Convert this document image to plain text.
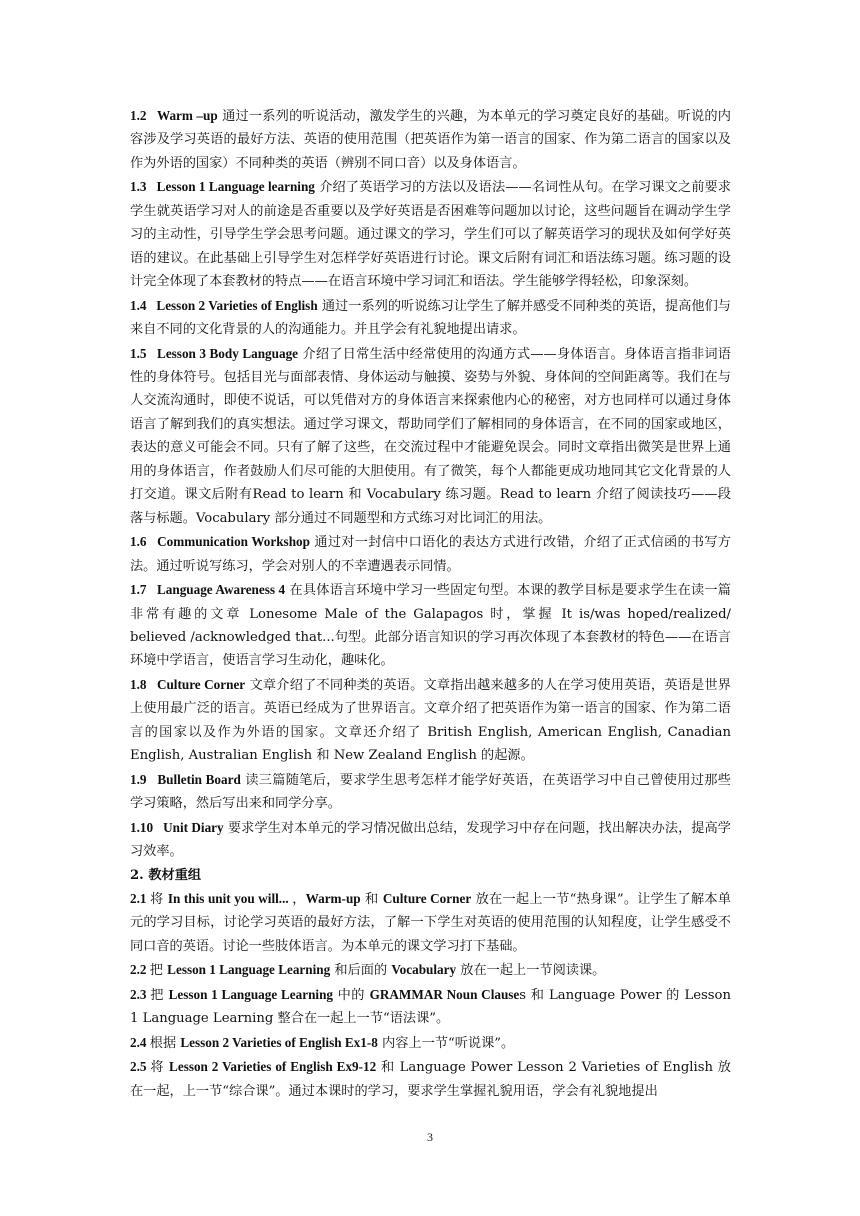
1.2   Warm –up 通过一系列的听说活动，激发学生的兴趣，为本单元的学习奠定良好的基础。听说的内容涉及学习英语的最好方法、英语的使用范围（把英语作为第一语言的国家、作为第二语言的国家以及作为外语的国家）不同种类的英语（辨别不同口音）以及身体语言。

1.3   Lesson 1 Language learning 介绍了英语学习的方法以及语法——名词性从句。在学习课文之前要求学生就英语学习对人的前途是否重要以及学好英语是否困难等问题加以讨论，这些问题旨在调动学生学习的主动性，引导学生学会思考问题。通过课文的学习，学生们可以了解英语学习的现状及如何学好英语的建议。在此基础上引导学生对怎样学好英语进行讨论。课文后附有词汇和语法练习题。练习题的设计完全体现了本套教材的特点——在语言环境中学习词汇和语法。学生能够学得轻松，印象深刻。

1.4   Lesson 2 Varieties of English 通过一系列的听说练习让学生了解并感受不同种类的英语，提高他们与来自不同的文化背景的人的沟通能力。并且学会有礼貌地提出请求。

1.5   Lesson 3 Body Language 介绍了日常生活中经常使用的沟通方式——身体语言。身体语言指非词语性的身体符号。包括目光与面部表情、身体运动与触摸、姿势与外貌、身体间的空间距离等。我们在与人交流沟通时，即使不说话，可以凭借对方的身体语言来探索他内心的秘密，对方也同样可以通过身体语言了解到我们的真实想法。通过学习课文，帮助同学们了解相同的身体语言，在不同的国家或地区，表达的意义可能会不同。只有了解了这些，在交流过程中才能避免误会。同时文章指出微笑是世界上通用的身体语言，作者鼓励人们尽可能的大胆使用。有了微笑，每个人都能更成功地同其它文化背景的人打交道。课文后附有Read to learn 和 Vocabulary 练习题。Read to learn 介绍了阅读技巧——段落与标题。Vocabulary 部分通过不同题型和方式练习对比词汇的用法。

1.6   Communication Workshop 通过对一封信中口语化的表达方式进行改错，介绍了正式信函的书写方法。通过听说写练习，学会对别人的不幸遭遇表示同情。

1.7   Language Awareness 4 在具体语言环境中学习一些固定句型。本课的教学目标是要求学生在读一篇非常有趣的文章 Lonesome Male of the Galapagos 时，掌握 It is/was hoped/realized/ believed /acknowledged that...句型。此部分语言知识的学习再次体现了本套教材的特色——在语言环境中学语言，使语言学习生动化，趣味化。

1.8   Culture Corner 文章介绍了不同种类的英语。文章指出越来越多的人在学习使用英语，英语是世界上使用最广泛的语言。英语已经成为了世界语言。文章介绍了把英语作为第一语言的国家、作为第二语言的国家以及作为外语的国家。文章还介绍了 British English, American English, Canadian English, Australian English 和 New Zealand English 的起源。

1.9   Bulletin Board 读三篇随笔后，要求学生思考怎样才能学好英语，在英语学习中自己曾使用过那些学习策略，然后写出来和同学分享。

1.10   Unit Diary 要求学生对本单元的学习情况做出总结，发现学习中存在问题，找出解决办法，提高学习效率。

2. 教材重组

2.1 将 In this unit you will... ，Warm-up 和 Culture Corner 放在一起上一节“热身课”。让学生了解本单元的学习目标，讨论学习英语的最好方法，了解一下学生对英语的使用范围的认知程度，让学生感受不同口音的英语。讨论一些肢体语言。为本单元的课文学习打下基础。

2.2 把 Lesson 1 Language Learning 和后面的 Vocabulary 放在一起上一节阅读课。

2.3 把 Lesson 1 Language Learning 中的 GRAMMAR Noun Clauses 和 Language Power 的 Lesson 1 Language Learning 整合在一起上一节“语法课”。

2.4 根据 Lesson 2 Varieties of English Ex1-8 内容上一节“听说课”。

2.5 将 Lesson 2 Varieties of English Ex9-12 和 Language Power Lesson 2 Varieties of English 放在一起，上一节“综合课”。通过本课时的学习，要求学生掌握礼貌用语，学会有礼貌地提出

3
